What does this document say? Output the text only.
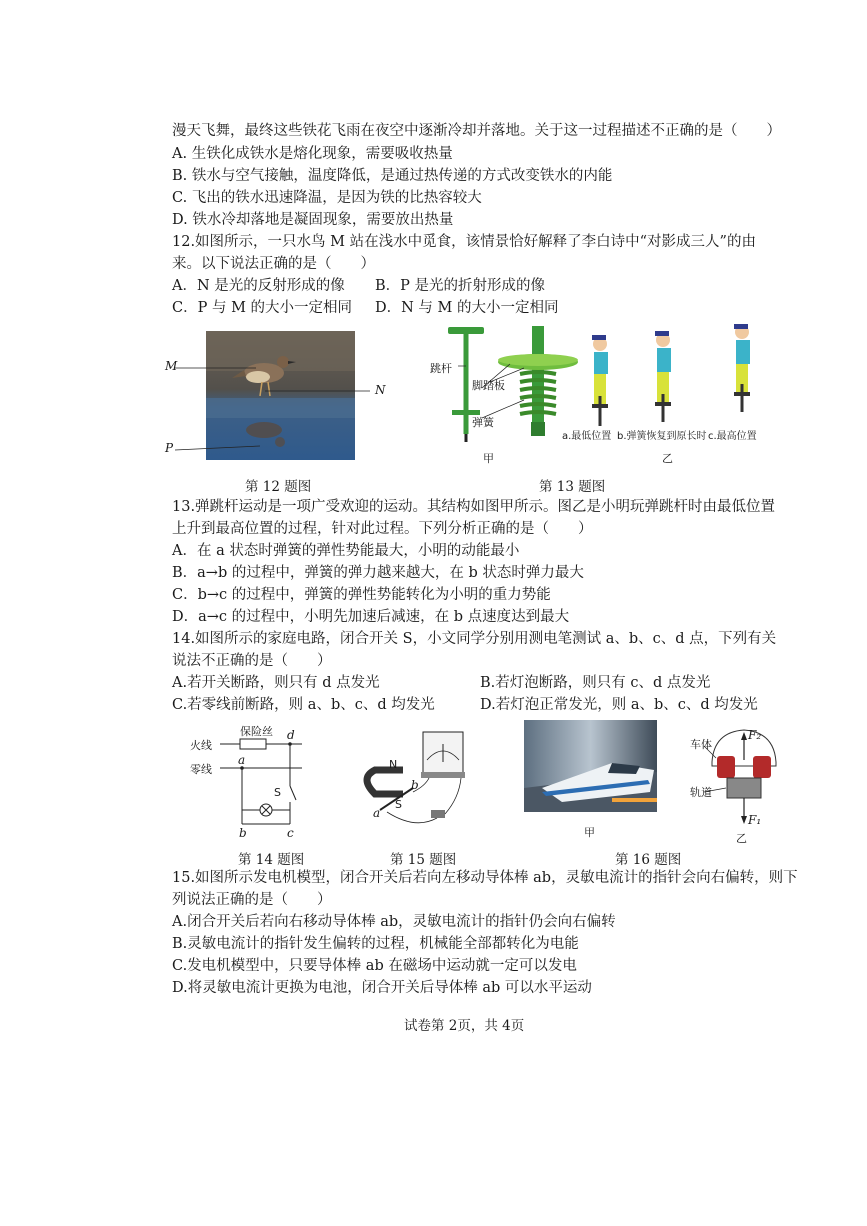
漫天飞舞，最终这些铁花飞雨在夜空中逐渐冷却并落地。关于这一过程描述不正确的是（　　）
A. 生铁化成铁水是熔化现象，需要吸收热量
B. 铁水与空气接触，温度降低，是通过热传递的方式改变铁水的内能
C. 飞出的铁水迅速降温，是因为铁的比热容较大
D. 铁水冷却落地是凝固现象，需要放出热量
12.如图所示，一只水鸟 M 站在浅水中觅食，该情景恰好解释了李白诗中“对影成三人”的由
来。以下说法正确的是（　　）
A．N 是光的反射形成的像 B．P 是光的折射形成的像
C．P 与 M 的大小一定相同 D．N 与 M 的大小一定相同
M
N
P
第 12 题图
跳杆
脚踏板
弹簧
a.最低位置 b.弹簧恢复到原长时 c.最高位置
甲	乙
第 13 题图
13.弹跳杆运动是一项广受欢迎的运动。其结构如图甲所示。图乙是小明玩弹跳杆时由最低位置
上升到最高位置的过程，针对此过程。下列分析正确的是（　　）
A．在 a 状态时弹簧的弹性势能最大，小明的动能最小
B．a→b 的过程中，弹簧的弹力越来越大，在 b 状态时弹力最大
C．b→c 的过程中，弹簧的弹性势能转化为小明的重力势能
D．a→c 的过程中，小明先加速后减速，在 b 点速度达到最大
14.如图所示的家庭电路，闭合开关 S，小文同学分别用测电笔测试 a、b、c、d 点，下列有关
说法不正确的是（　　）
A.若开关断路，则只有 d 点发光	B.若灯泡断路，则只有 c、d 点发光
C.若零线前断路，则 a、b、c、d 均发光	D.若灯泡正常发光，则 a、b、c、d 均发光
火线
零线
保险丝 d
a
S
b	c
第 14 题图
N
S
a
b
第 15 题图
甲
车体
轨道
F₂
F₁
乙
第 16 题图
15.如图所示发电机模型，闭合开关后若向左移动导体棒 ab，灵敏电流计的指针会向右偏转，则下
列说法正确的是（　　）
A.闭合开关后若向右移动导体棒 ab，灵敏电流计的指针仍会向右偏转
B.灵敏电流计的指针发生偏转的过程，机械能全部都转化为电能
C.发电机模型中，只要导体棒 ab 在磁场中运动就一定可以发电
D.将灵敏电流计更换为电池，闭合开关后导体棒 ab 可以水平运动
试卷第 2页，共 4页
